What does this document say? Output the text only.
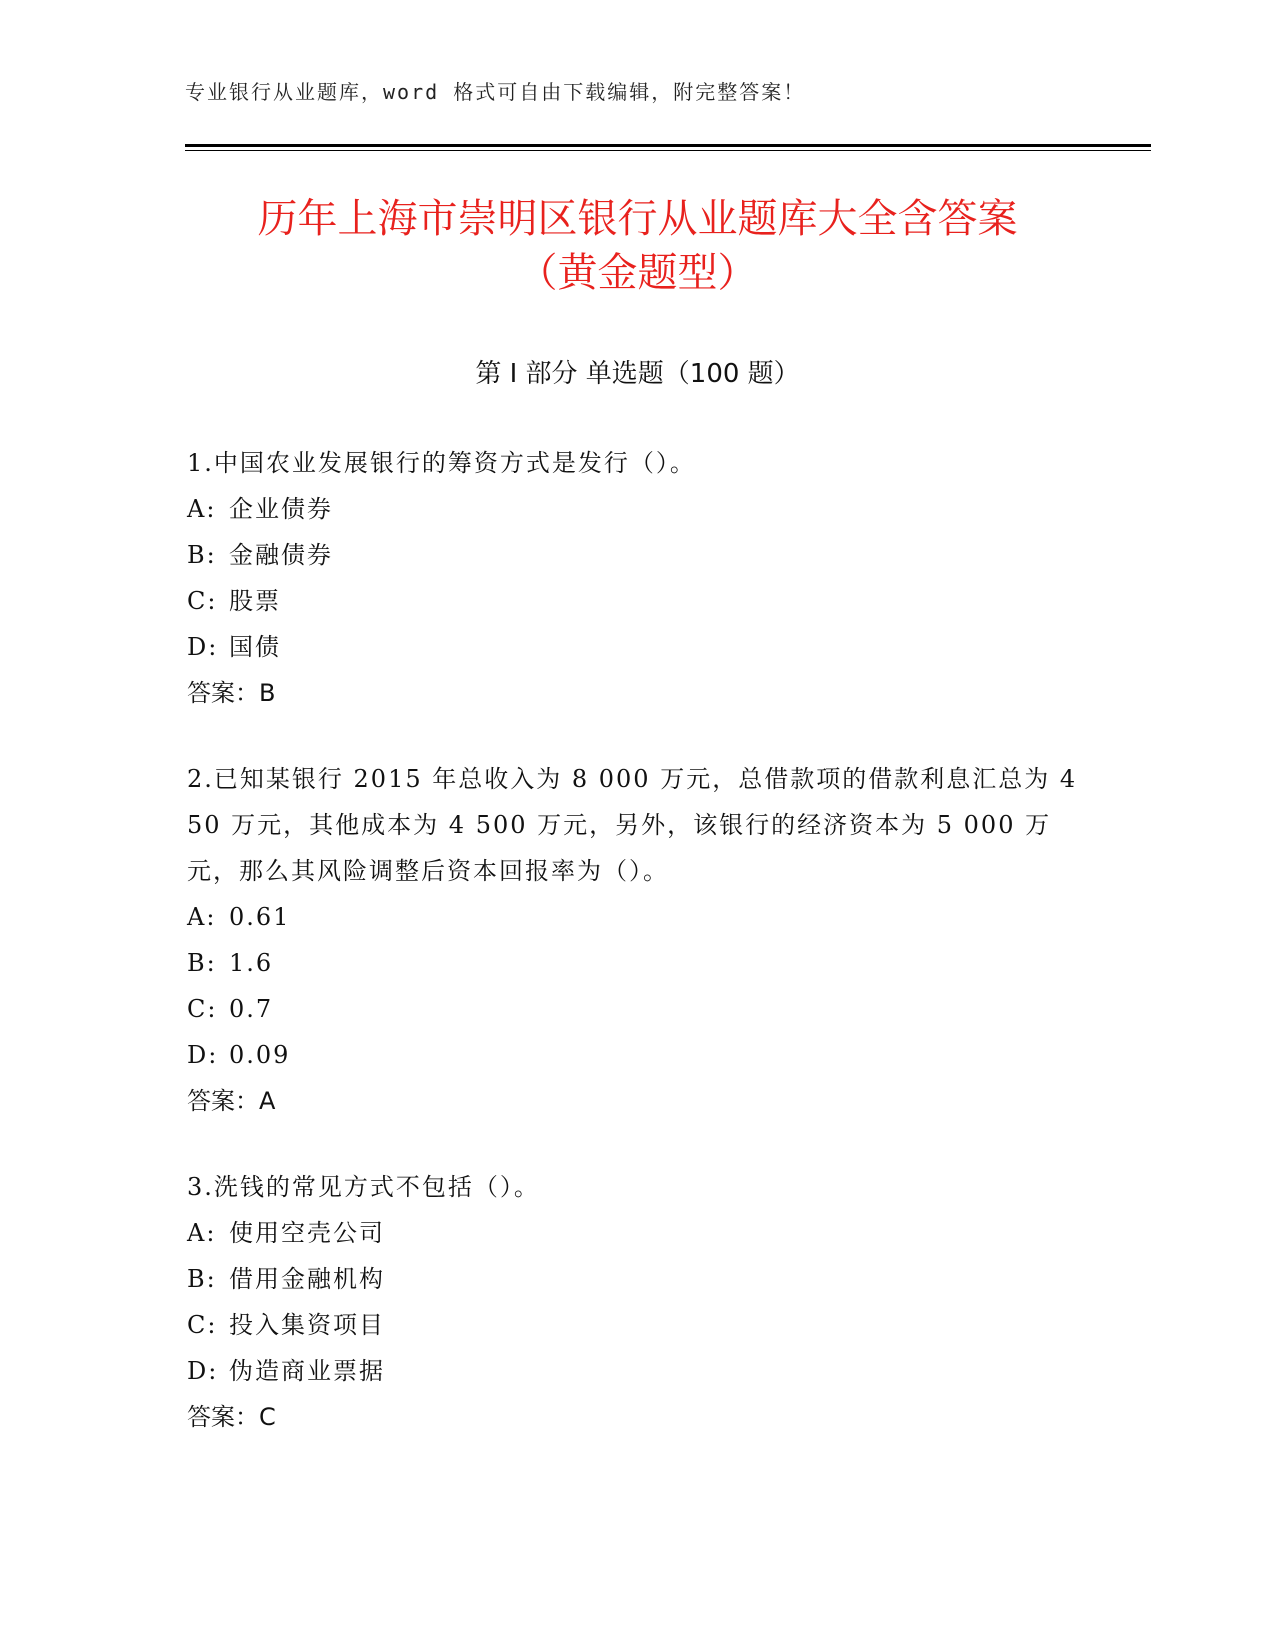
专业银行从业题库，word 格式可自由下载编辑，附完整答案！
历年上海市崇明区银行从业题库大全含答案
（黄金题型）
第 I 部分 单选题（100 题）
1.中国农业发展银行的筹资方式是发行（）。
A: 企业债券
B: 金融债券
C: 股票
D: 国债
答案：B
2.已知某银行 2015 年总收入为 8 000 万元，总借款项的借款利息汇总为 450 万元，其他成本为 4 500 万元，另外，该银行的经济资本为 5 000 万元，那么其风险调整后资本回报率为（）。
A: 0.61
B: 1.6
C: 0.7
D: 0.09
答案：A
3.洗钱的常见方式不包括（）。
A: 使用空壳公司
B: 借用金融机构
C: 投入集资项目
D: 伪造商业票据
答案：C
